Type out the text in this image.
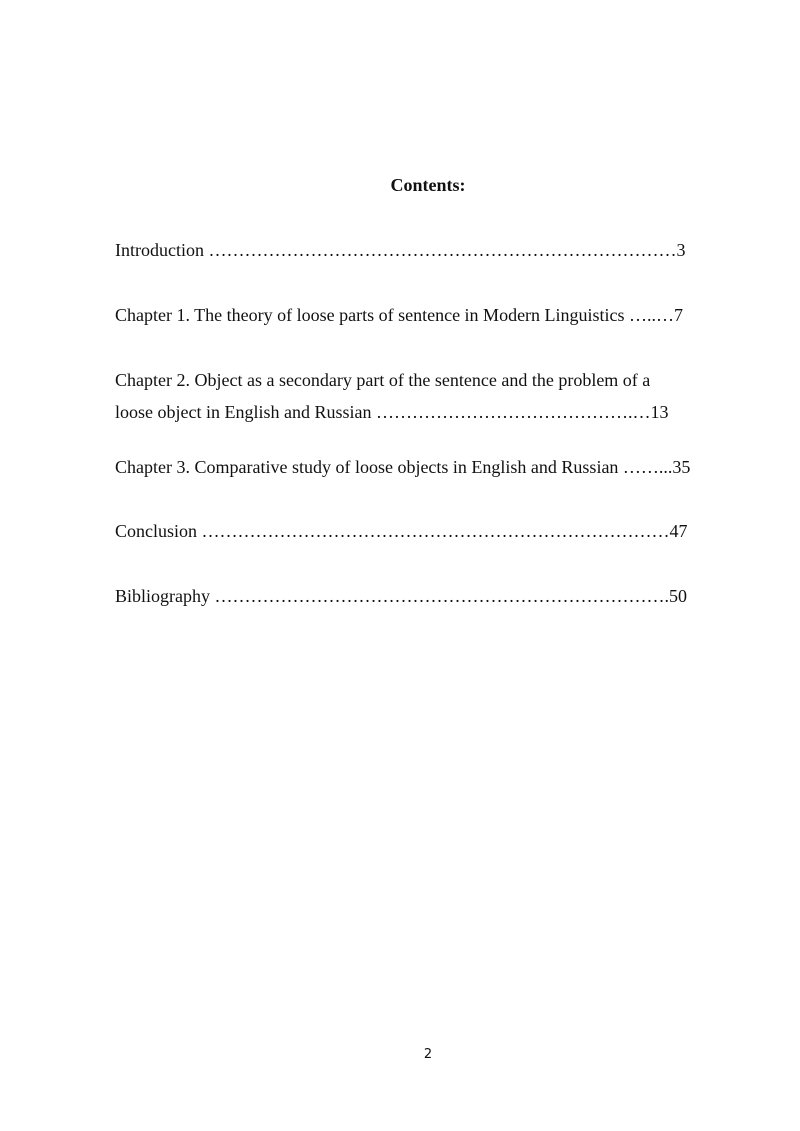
Contents:
Introduction ……………………………………………………………………3
Chapter 1. The theory of loose parts of sentence in Modern Linguistics …..…7
Chapter 2. Object as a secondary part of the sentence and the problem of a
loose object in English and Russian …………………………………….…13
Chapter 3. Comparative study of loose objects in English and Russian ……...35
Conclusion ……………………………………………………………………47
Bibliography ………………………………………………………………….50
2
